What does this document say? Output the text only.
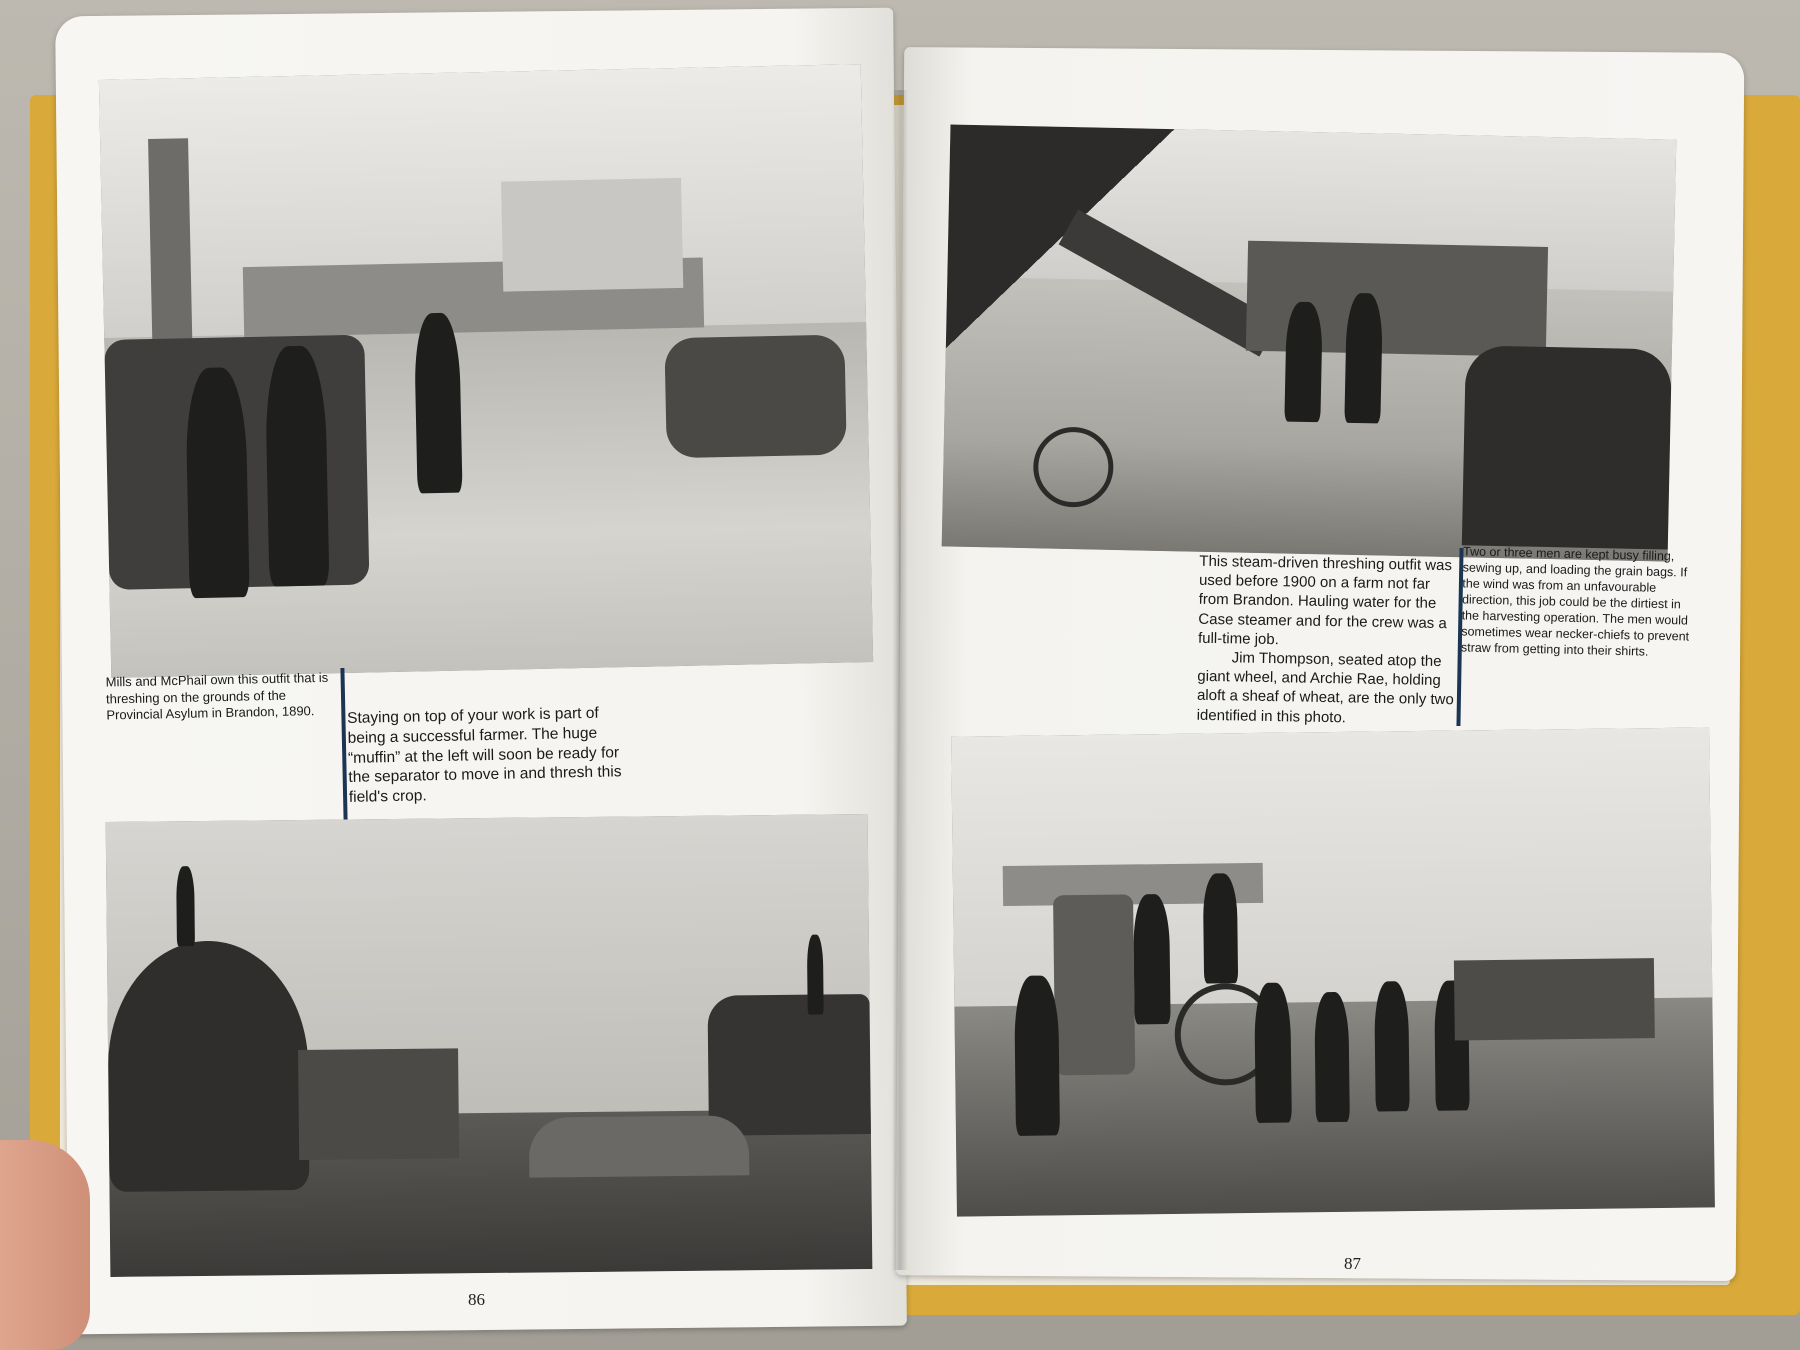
Mills and McPhail own this outfit that is threshing on the grounds of the Provincial Asylum in Brandon, 1890.	Staying on top of your work is part of being a successful farmer. The huge “muffin” at the left will soon be ready for the separator to move in and thresh this field's crop.

This steam-driven threshing outfit was used before 1900 on a farm not far from Brandon. Hauling water for the Case steamer and for the crew was a full-time job.

Jim Thompson, seated atop the giant wheel, and Archie Rae, holding aloft a sheaf of wheat, are the only two identified in this photo.

Two or three men are kept busy filling, sewing up, and loading the grain bags. If the wind was from an unfavourable direction, this job could be the dirtiest in the harvesting operation. The men would sometimes wear necker-chiefs to prevent straw from getting into their shirts.

86
87
